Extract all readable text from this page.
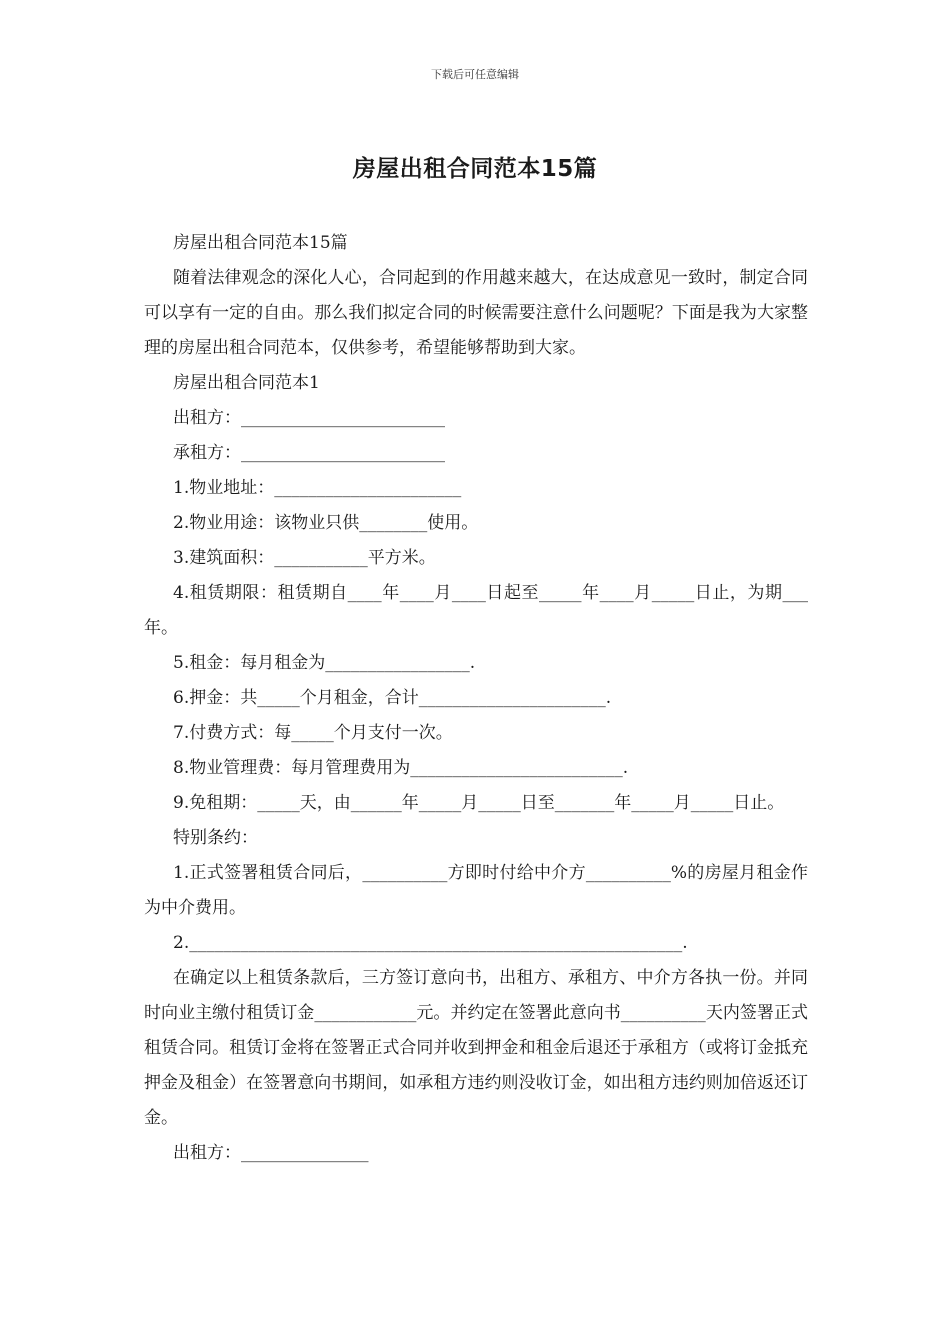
下载后可任意编辑
房屋出租合同范本15篇

房屋出租合同范本15篇

随着法律观念的深化人心，合同起到的作用越来越大，在达成意见一致时，制定合同可以享有一定的自由。那么我们拟定合同的时候需要注意什么问题呢？下面是我为大家整理的房屋出租合同范本，仅供参考，希望能够帮助到大家。

房屋出租合同范本1

出租方：________________________

承租方：________________________

1.物业地址：______________________

2.物业用途：该物业只供________使用。

3.建筑面积：___________平方米。

4.租赁期限：租赁期自____年____月____日起至_____年____月_____日止，为期___年。

5.租金：每月租金为_________________.

6.押金：共_____个月租金，合计______________________.

7.付费方式：每_____个月支付一次。

8.物业管理费：每月管理费用为_________________________.

9.免租期：_____天，由______年_____月_____日至_______年_____月_____日止。

特别条约：

1.正式签署租赁合同后，__________方即时付给中介方__________%的房屋月租金作为中介费用。

2.__________________________________________________________.

在确定以上租赁条款后，三方签订意向书，出租方、承租方、中介方各执一份。并同时向业主缴付租赁订金____________元。并约定在签署此意向书__________天内签署正式租赁合同。租赁订金将在签署正式合同并收到押金和租金后退还于承租方（或将订金抵充押金及租金）在签署意向书期间，如承租方违约则没收订金，如出租方违约则加倍返还订金。

出租方：_______________
